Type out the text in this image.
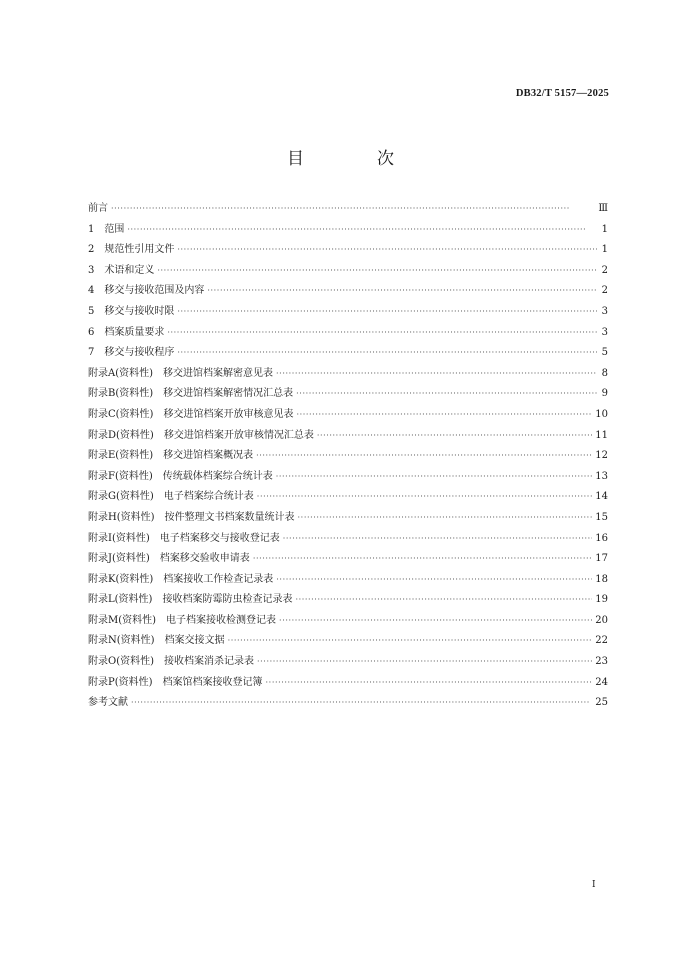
DB32/T 5157—2025
目　次
前言 ·····	Ⅲ
1　范围 ·····	1
2　规范性引用文件 ·····	1
3　术语和定义 ·····	2
4　移交与接收范围及内容 ·····	2
5　移交与接收时限 ·····	3
6　档案质量要求 ·····	3
7　移交与接收程序 ·····	5
附录A(资料性)　移交进馆档案解密意见表 ·····	8
附录B(资料性)　移交进馆档案解密情况汇总表 ·····	9
附录C(资料性)　移交进馆档案开放审核意见表 ·····	10
附录D(资料性)　移交进馆档案开放审核情况汇总表 ·····	11
附录E(资料性)　移交进馆档案概况表 ·····	12
附录F(资料性)　传统载体档案综合统计表 ·····	13
附录G(资料性)　电子档案综合统计表 ·····	14
附录H(资料性)　按件整理文书档案数量统计表 ·····	15
附录I(资料性)　电子档案移交与接收登记表 ·····	16
附录J(资料性)　档案移交验收申请表 ·····	17
附录K(资料性)　档案接收工作检查记录表 ·····	18
附录L(资料性)　接收档案防霉防虫检查记录表 ·····	19
附录M(资料性)　电子档案接收检测登记表 ·····	20
附录N(资料性)　档案交接文据 ·····	22
附录O(资料性)　接收档案消杀记录表 ·····	23
附录P(资料性)　档案馆档案接收登记簿 ·····	24
参考文献 ·····	25
Ⅰ
